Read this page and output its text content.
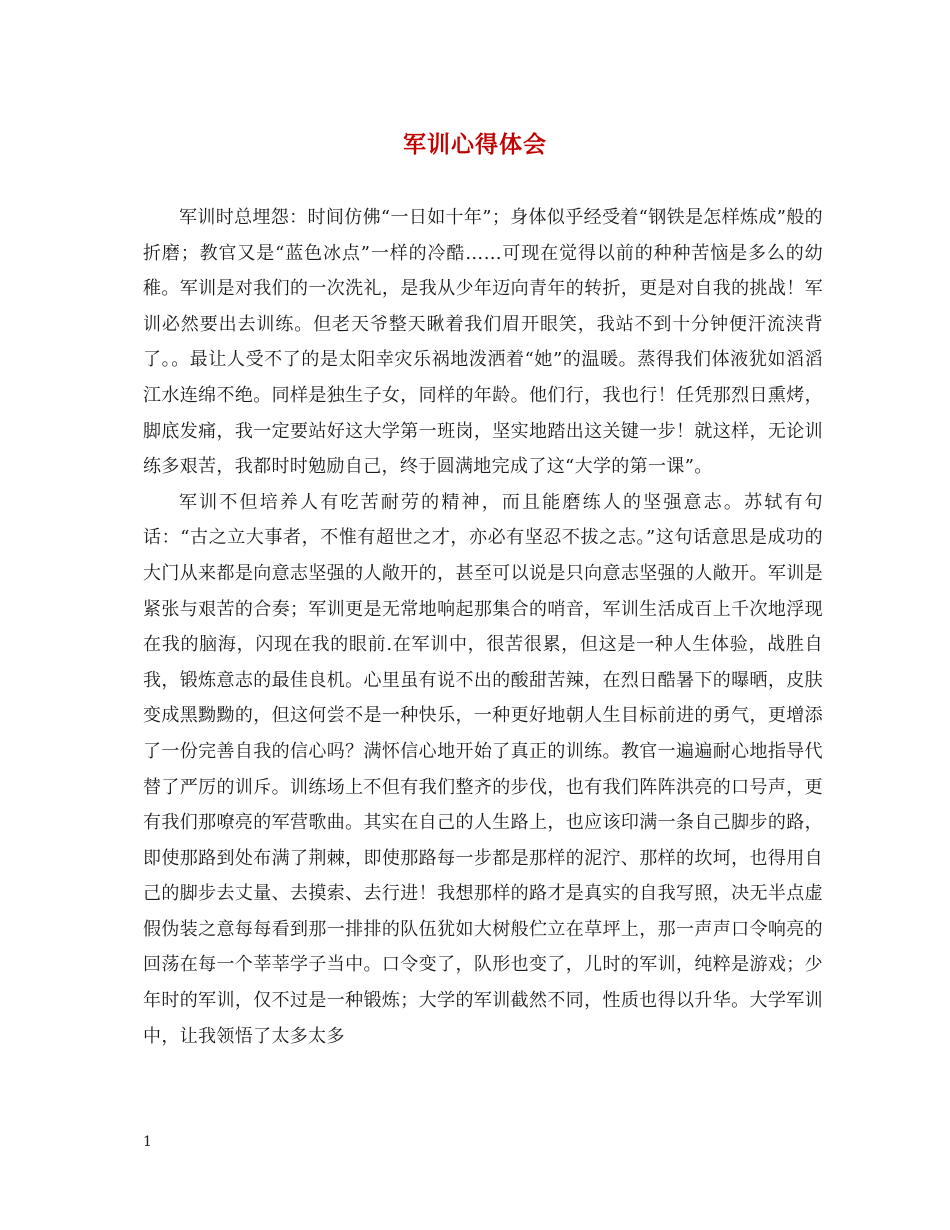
军训心得体会

军训时总埋怨：时间仿佛“一日如十年”；身体似乎经受着“钢铁是怎样炼成”般的折磨；教官又是“蓝色冰点”一样的冷酷……可现在觉得以前的种种苦恼是多么的幼稚。军训是对我们的一次洗礼，是我从少年迈向青年的转折，更是对自我的挑战！军训必然要出去训练。但老天爷整天瞅着我们眉开眼笑，我站不到十分钟便汗流浃背了。。最让人受不了的是太阳幸灾乐祸地泼洒着“她”的温暖。蒸得我们体液犹如滔滔江水连绵不绝。同样是独生子女，同样的年龄。他们行，我也行！任凭那烈日熏烤，脚底发痛，我一定要站好这大学第一班岗，坚实地踏出这关键一步！就这样，无论训练多艰苦，我都时时勉励自己，终于圆满地完成了这“大学的第一课”。

军训不但培养人有吃苦耐劳的精神，而且能磨练人的坚强意志。苏轼有句话：“古之立大事者，不惟有超世之才，亦必有坚忍不拔之志。”这句话意思是成功的大门从来都是向意志坚强的人敞开的，甚至可以说是只向意志坚强的人敞开。军训是紧张与艰苦的合奏；军训更是无常地响起那集合的哨音，军训生活成百上千次地浮现在我的脑海，闪现在我的眼前.在军训中，很苦很累，但这是一种人生体验，战胜自我，锻炼意志的最佳良机。心里虽有说不出的酸甜苦辣，在烈日酷暑下的曝晒，皮肤变成黑黝黝的，但这何尝不是一种快乐，一种更好地朝人生目标前进的勇气，更增添了一份完善自我的信心吗？满怀信心地开始了真正的训练。教官一遍遍耐心地指导代替了严厉的训斥。训练场上不但有我们整齐的步伐，也有我们阵阵洪亮的口号声，更有我们那嘹亮的军营歌曲。其实在自己的人生路上，也应该印满一条自己脚步的路，即使那路到处布满了荆棘，即使那路每一步都是那样的泥泞、那样的坎坷，也得用自己的脚步去丈量、去摸索、去行进！我想那样的路才是真实的自我写照，决无半点虚假伪装之意每每看到那一排排的队伍犹如大树般伫立在草坪上，那一声声口令响亮的回荡在每一个莘莘学子当中。口令变了，队形也变了，儿时的军训，纯粹是游戏；少年时的军训，仅不过是一种锻炼；大学的军训截然不同，性质也得以升华。大学军训中，让我领悟了太多太多

1
